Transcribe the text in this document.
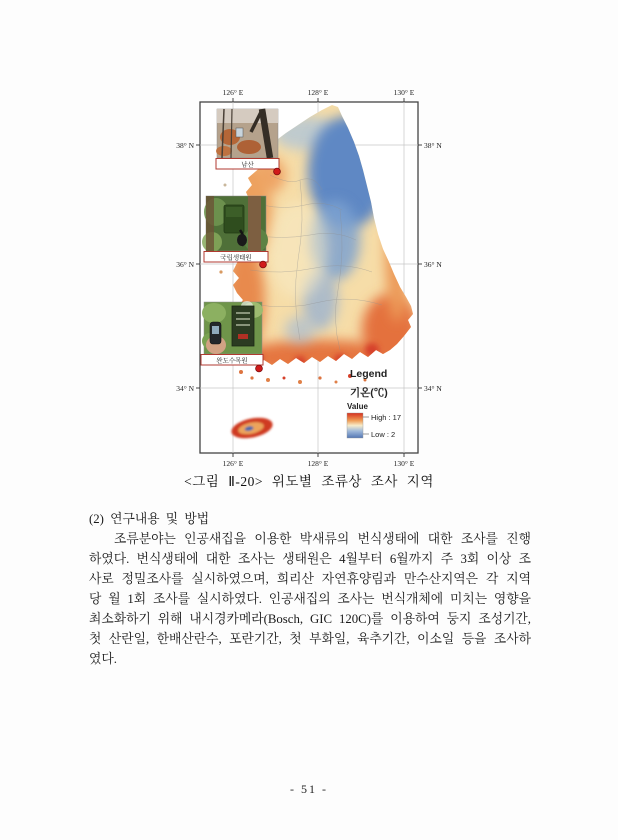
126° E	128° E	130° E
126° E	128° E	130° E
38° N
36° N
34° N
38° N
36° N
34° N
남산
국립생태원
완도수목원
Legend
기온(℃)
Value
High : 17
Low : 2
<그림 Ⅱ-20> 위도별 조류상 조사 지역
(2) 연구내용 및 방법

조류분야는 인공새집을 이용한 박새류의 번식생태에 대한 조사를 진행하였다. 번식생태에 대한 조사는 생태원은 4월부터 6월까지 주 3회 이상 조사로 정밀조사를 실시하였으며, 희리산 자연휴양림과 만수산지역은 각 지역당 월 1회 조사를 실시하였다. 인공새집의 조사는 번식개체에 미치는 영향을 최소화하기 위해 내시경카메라(Bosch, GIC 120C)를 이용하여 둥지 조성기간, 첫 산란일, 한배산란수, 포란기간, 첫 부화일, 육추기간, 이소일 등을 조사하였다.

- 51 -
